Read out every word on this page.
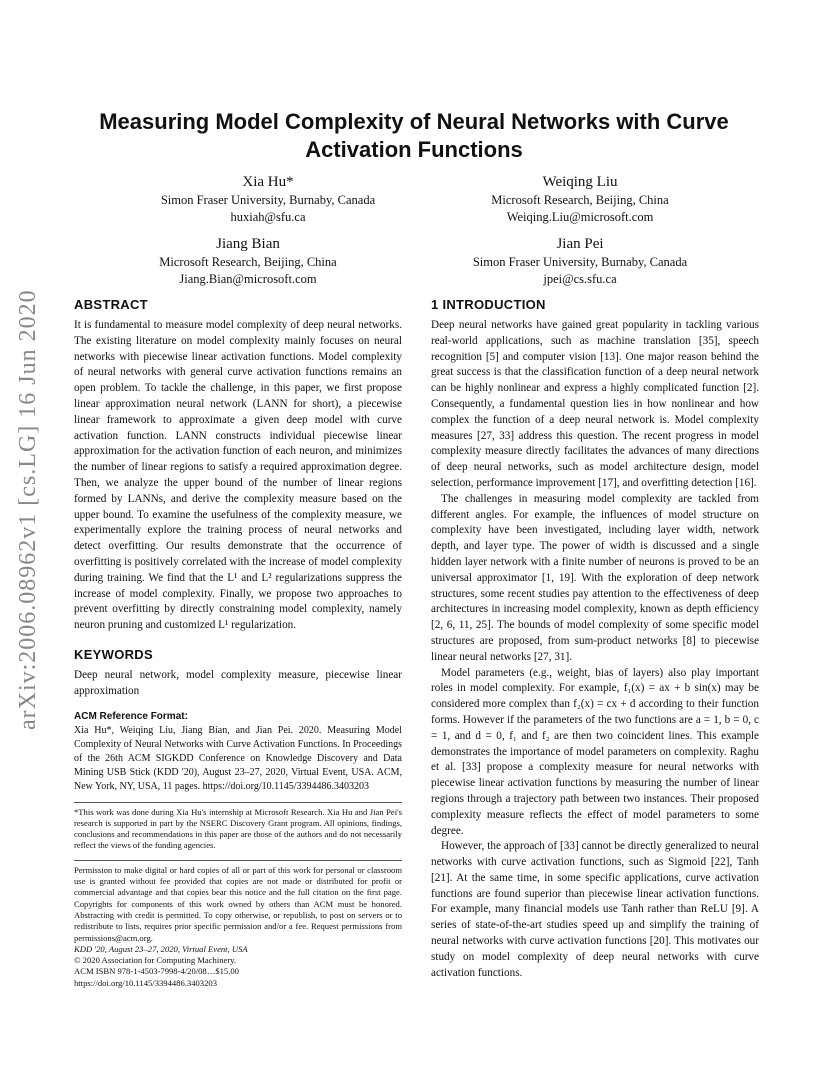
arXiv:2006.08962v1 [cs.LG] 16 Jun 2020
Measuring Model Complexity of Neural Networks with Curve Activation Functions
Xia Hu*
Simon Fraser University, Burnaby, Canada
huxiah@sfu.ca
Weiqing Liu
Microsoft Research, Beijing, China
Weiqing.Liu@microsoft.com
Jiang Bian
Microsoft Research, Beijing, China
Jiang.Bian@microsoft.com
Jian Pei
Simon Fraser University, Burnaby, Canada
jpei@cs.sfu.ca
ABSTRACT

It is fundamental to measure model complexity of deep neural networks. The existing literature on model complexity mainly focuses on neural networks with piecewise linear activation functions. Model complexity of neural networks with general curve activation functions remains an open problem. To tackle the challenge, in this paper, we first propose linear approximation neural network (LANN for short), a piecewise linear framework to approximate a given deep model with curve activation function. LANN constructs individual piecewise linear approximation for the activation function of each neuron, and minimizes the number of linear regions to satisfy a required approximation degree. Then, we analyze the upper bound of the number of linear regions formed by LANNs, and derive the complexity measure based on the upper bound. To examine the usefulness of the complexity measure, we experimentally explore the training process of neural networks and detect overfitting. Our results demonstrate that the occurrence of overfitting is positively correlated with the increase of model complexity during training. We find that the L¹ and L² regularizations suppress the increase of model complexity. Finally, we propose two approaches to prevent overfitting by directly constraining model complexity, namely neuron pruning and customized L¹ regularization.

KEYWORDS

Deep neural network, model complexity measure, piecewise linear approximation

ACM Reference Format:

Xia Hu*, Weiqing Liu, Jiang Bian, and Jian Pei. 2020. Measuring Model Complexity of Neural Networks with Curve Activation Functions. In Proceedings of the 26th ACM SIGKDD Conference on Knowledge Discovery and Data Mining USB Stick (KDD '20), August 23–27, 2020, Virtual Event, USA. ACM, New York, NY, USA, 11 pages. https://doi.org/10.1145/3394486.3403203

*This work was done during Xia Hu's internship at Microsoft Research. Xia Hu and Jian Pei's research is supported in part by the NSERC Discovery Grant program. All opinions, findings, conclusions and recommendations in this paper are those of the authors and do not necessarily reflect the views of the funding agencies.

Permission to make digital or hard copies of all or part of this work for personal or classroom use is granted without fee provided that copies are not made or distributed for profit or commercial advantage and that copies bear this notice and the full citation on the first page. Copyrights for components of this work owned by others than ACM must be honored. Abstracting with credit is permitted. To copy otherwise, or republish, to post on servers or to redistribute to lists, requires prior specific permission and/or a fee. Request permissions from permissions@acm.org.

KDD '20, August 23–27, 2020, Virtual Event, USA

© 2020 Association for Computing Machinery.

ACM ISBN 978-1-4503-7998-4/20/08…$15.00

https://doi.org/10.1145/3394486.3403203

1 INTRODUCTION

Deep neural networks have gained great popularity in tackling various real-world applications, such as machine translation [35], speech recognition [5] and computer vision [13]. One major reason behind the great success is that the classification function of a deep neural network can be highly nonlinear and express a highly complicated function [2]. Consequently, a fundamental question lies in how nonlinear and how complex the function of a deep neural network is. Model complexity measures [27, 33] address this question. The recent progress in model complexity measure directly facilitates the advances of many directions of deep neural networks, such as model architecture design, model selection, performance improvement [17], and overfitting detection [16].

The challenges in measuring model complexity are tackled from different angles. For example, the influences of model structure on complexity have been investigated, including layer width, network depth, and layer type. The power of width is discussed and a single hidden layer network with a finite number of neurons is proved to be an universal approximator [1, 19]. With the exploration of deep network structures, some recent studies pay attention to the effectiveness of deep architectures in increasing model complexity, known as depth efficiency [2, 6, 11, 25]. The bounds of model complexity of some specific model structures are proposed, from sum-product networks [8] to piecewise linear neural networks [27, 31].

Model parameters (e.g., weight, bias of layers) also play important roles in model complexity. For example, f₁(x) = ax + b sin(x) may be considered more complex than f₂(x) = cx + d according to their function forms. However if the parameters of the two functions are a = 1, b = 0, c = 1, and d = 0, f₁ and f₂ are then two coincident lines. This example demonstrates the importance of model parameters on complexity. Raghu et al. [33] propose a complexity measure for neural networks with piecewise linear activation functions by measuring the number of linear regions through a trajectory path between two instances. Their proposed complexity measure reflects the effect of model parameters to some degree.

However, the approach of [33] cannot be directly generalized to neural networks with curve activation functions, such as Sigmoid [22], Tanh [21]. At the same time, in some specific applications, curve activation functions are found superior than piecewise linear activation functions. For example, many financial models use Tanh rather than ReLU [9]. A series of state-of-the-art studies speed up and simplify the training of neural networks with curve activation functions [20]. This motivates our study on model complexity of deep neural networks with curve activation functions.
